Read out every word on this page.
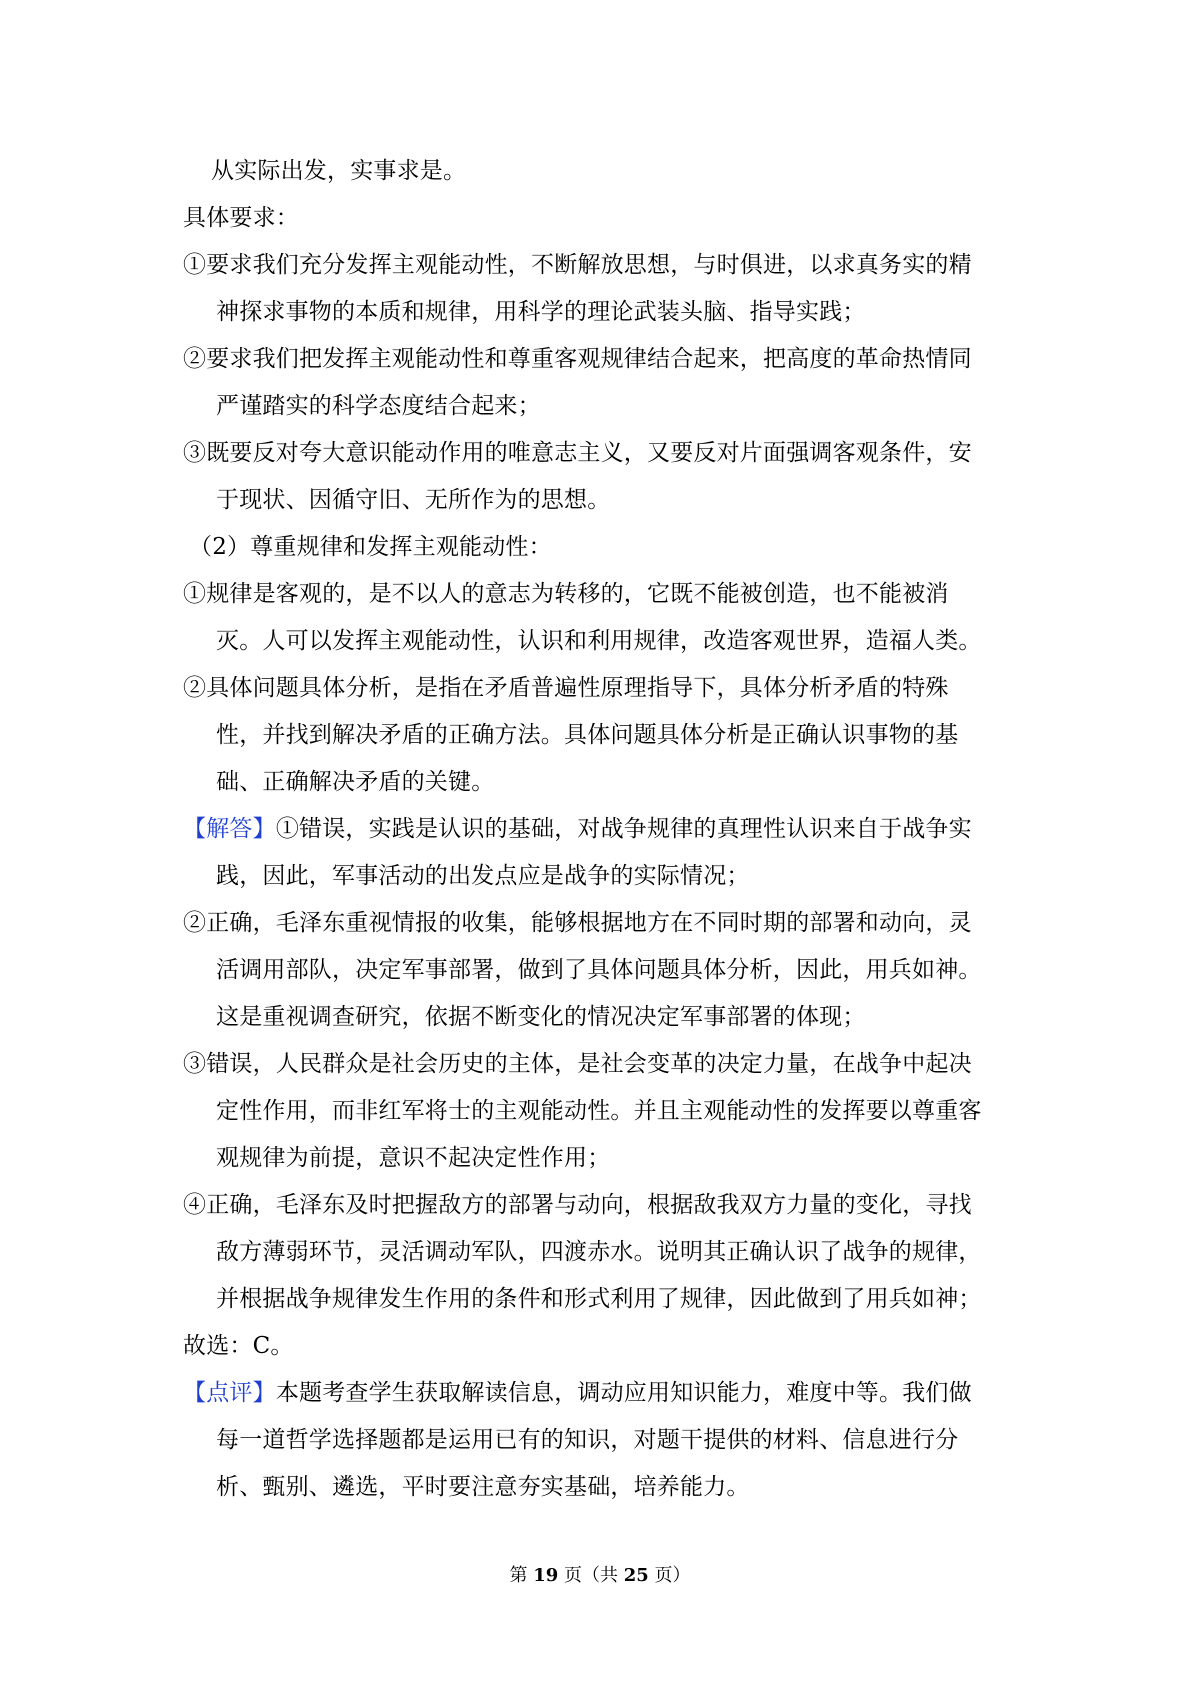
从实际出发，实事求是。
具体要求：
①要求我们充分发挥主观能动性，不断解放思想，与时俱进，以求真务实的精
神探求事物的本质和规律，用科学的理论武装头脑、指导实践；
②要求我们把发挥主观能动性和尊重客观规律结合起来，把高度的革命热情同
严谨踏实的科学态度结合起来；
③既要反对夸大意识能动作用的唯意志主义，又要反对片面强调客观条件，安
于现状、因循守旧、无所作为的思想。
（2）尊重规律和发挥主观能动性：
①规律是客观的，是不以人的意志为转移的，它既不能被创造，也不能被消
灭。人可以发挥主观能动性，认识和利用规律，改造客观世界，造福人类。
②具体问题具体分析，是指在矛盾普遍性原理指导下，具体分析矛盾的特殊
性，并找到解决矛盾的正确方法。具体问题具体分析是正确认识事物的基
础、正确解决矛盾的关键。
【解答】①错误，实践是认识的基础，对战争规律的真理性认识来自于战争实
践，因此，军事活动的出发点应是战争的实际情况；
②正确，毛泽东重视情报的收集，能够根据地方在不同时期的部署和动向，灵
活调用部队，决定军事部署，做到了具体问题具体分析，因此，用兵如神。
这是重视调查研究，依据不断变化的情况决定军事部署的体现；
③错误，人民群众是社会历史的主体，是社会变革的决定力量，在战争中起决
定性作用，而非红军将士的主观能动性。并且主观能动性的发挥要以尊重客
观规律为前提，意识不起决定性作用；
④正确，毛泽东及时把握敌方的部署与动向，根据敌我双方力量的变化，寻找
敌方薄弱环节，灵活调动军队，四渡赤水。说明其正确认识了战争的规律，
并根据战争规律发生作用的条件和形式利用了规律，因此做到了用兵如神；
故选：C。
【点评】本题考查学生获取解读信息，调动应用知识能力，难度中等。我们做
每一道哲学选择题都是运用已有的知识，对题干提供的材料、信息进行分
析、甄别、遴选，平时要注意夯实基础，培养能力。
第 19 页（共 25 页）
